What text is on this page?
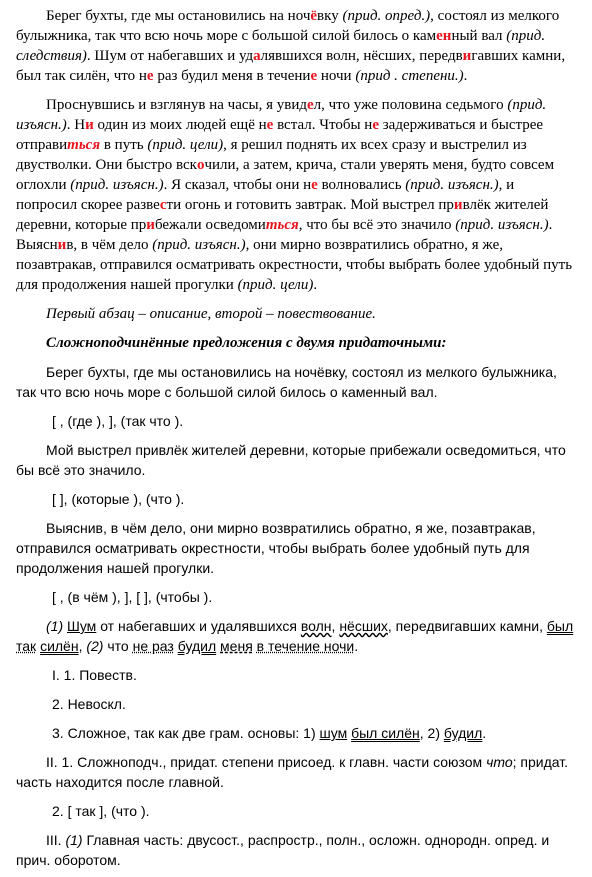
Берег бухты, где мы остановились на ночёвку (прид. опред.), состоял из мелкого булыжника, так что всю ночь море с большой силой билось о каменный вал (прид. следствия). Шум от набегавших и удалявшихся волн, нёсших, передвигавших камни, был так силён, что не раз будил меня в течение ночи (прид . степени.).

Проснувшись и взглянув на часы, я увидел, что уже половина седьмого (прид. изъясн.). Ни один из моих людей ещё не встал. Чтобы не задерживаться и быстрее отправиться в путь (прид. цели), я решил поднять их всех сразу и выстрелил из двустволки. Они быстро вскочили, а затем, крича, стали уверять меня, будто совсем оглохли (прид. изъясн.). Я сказал, чтобы они не волновались (прид. изъясн.), и попросил скорее развести огонь и готовить завтрак. Мой выстрел привлёк жителей деревни, которые прибежали осведомиться, что бы всё это значило (прид. изъясн.). Выяснив, в чём дело (прид. изъясн.), они мирно возвратились обратно, я же, позавтракав, отправился осматривать окрестности, чтобы выбрать более удобный путь для продолжения нашей прогулки (прид. цели).

Первый абзац – описание, второй – повествование.

Сложноподчинённые предложения с двумя придаточными:

Берег бухты, где мы остановились на ночёвку, состоял из мелкого булыжника, так что всю ночь море с большой силой билось о каменный вал.

[ , (где ), ], (так что ).

Мой выстрел привлёк жителей деревни, которые прибежали осведомиться, что бы всё это значило.

[ ], (которые ), (что ).

Выяснив, в чём дело, они мирно возвратились обратно, я же, позавтракав, отправился осматривать окрестности, чтобы выбрать более удобный путь для продолжения нашей прогулки.

[ , (в чём ), ], [ ], (чтобы ).

(1) Шум от набегавших и удалявшихся волн, нёсших, передвигавших камни, был так силён, (2) что не раз будил меня в течение ночи.

I. 1. Повеств.

2. Невоскл.

3. Сложное, так как две грам. основы: 1) шум был силён, 2) будил.

II. 1. Сложноподч., придат. степени присоед. к главн. части союзом что; придат. часть находится после главной.

2. [ так ], (что ).

III. (1) Главная часть: двусост., распростр., полн., осложн. однородн. опред. и прич. оборотом.
